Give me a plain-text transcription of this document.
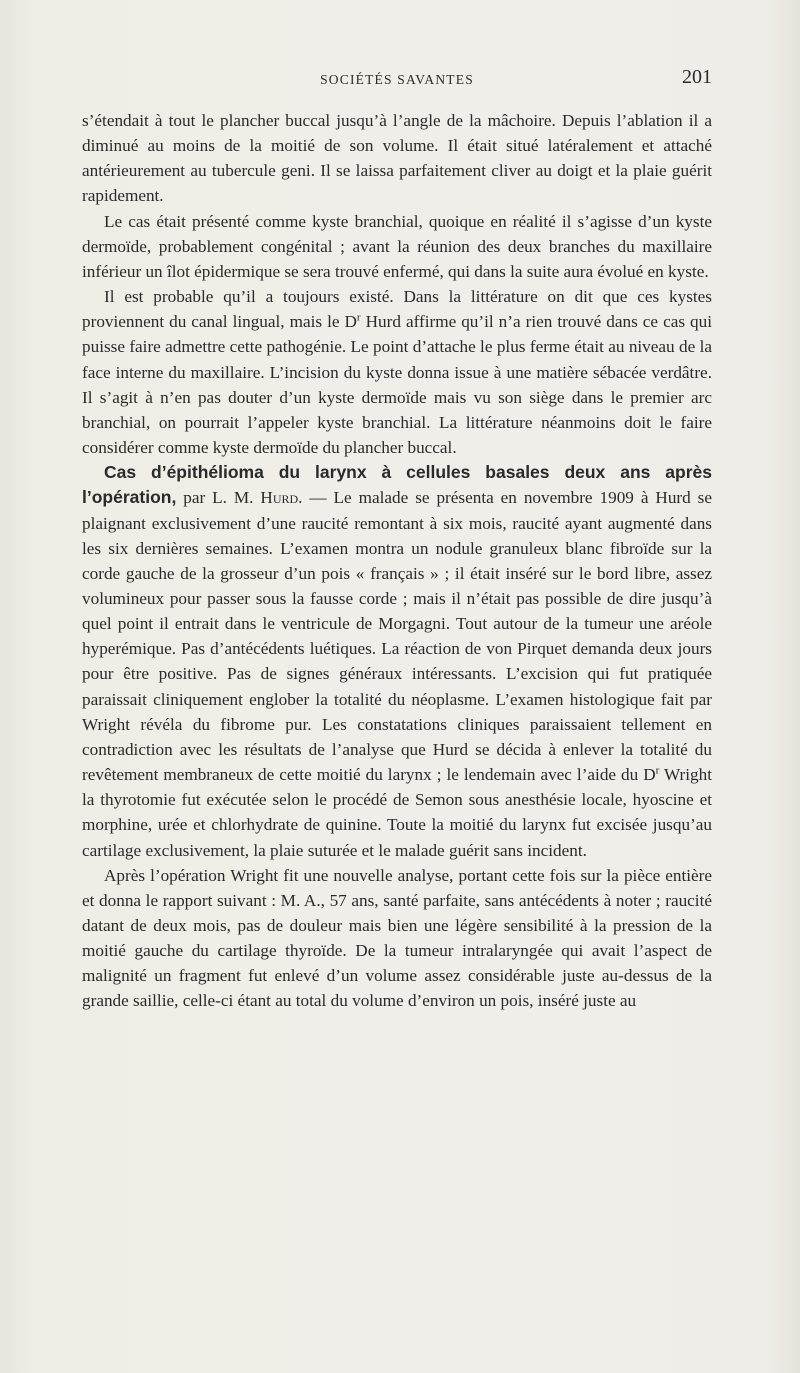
SOCIÉTÉS SAVANTES	201

s’étendait à tout le plancher buccal jusqu’à l’angle de la mâchoire. Depuis l’ablation il a diminué au moins de la moitié de son volume. Il était situé latéralement et attaché antérieurement au tubercule geni. Il se laissa parfaitement cliver au doigt et la plaie guérit rapidement.

Le cas était présenté comme kyste branchial, quoique en réalité il s’agisse d’un kyste dermoïde, probablement congénital ; avant la réunion des deux branches du maxillaire inférieur un îlot épidermique se sera trouvé enfermé, qui dans la suite aura évolué en kyste.

Il est probable qu’il a toujours existé. Dans la littérature on dit que ces kystes proviennent du canal lingual, mais le $D^r$ Hurd affirme qu’il n’a rien trouvé dans ce cas qui puisse faire admettre cette pathogénie. Le point d’attache le plus ferme était au niveau de la face interne du maxillaire. L’incision du kyste donna issue à une matière sébacée verdâtre. Il s’agit à n’en pas douter d’un kyste dermoïde mais vu son siège dans le premier arc branchial, on pourrait l’appeler kyste branchial. La littérature néanmoins doit le faire considérer comme kyste dermoïde du plancher buccal.

Cas d’épithélioma du larynx à cellules basales deux ans après l’opération, par L. M. Hurd. — Le malade se présenta en novembre 1909 à Hurd se plaignant exclusivement d’une raucité remontant à six mois, raucité ayant augmenté dans les six dernières semaines. L’examen montra un nodule granuleux blanc fibroïde sur la corde gauche de la grosseur d’un pois « français » ; il était inséré sur le bord libre, assez volumineux pour passer sous la fausse corde ; mais il n’était pas possible de dire jusqu’à quel point il entrait dans le ventricule de Morgagni. Tout autour de la tumeur une aréole hyperémique. Pas d’antécédents luétiques. La réaction de von Pirquet demanda deux jours pour être positive. Pas de signes généraux intéressants. L’excision qui fut pratiquée paraissait cliniquement englober la totalité du néoplasme. L’examen histologique fait par Wright révéla du fibrome pur. Les constatations cliniques paraissaient tellement en contradiction avec les résultats de l’analyse que Hurd se décida à enlever la totalité du revêtement membraneux de cette moitié du larynx ; le lendemain avec l’aide du $D^r$ Wright la thyrotomie fut exécutée selon le procédé de Semon sous anesthésie locale, hyoscine et morphine, urée et chlorhydrate de quinine. Toute la moitié du larynx fut excisée jusqu’au cartilage exclusivement, la plaie suturée et le malade guérit sans incident.

Après l’opération Wright fit une nouvelle analyse, portant cette fois sur la pièce entière et donna le rapport suivant : M. A., 57 ans, santé parfaite, sans antécédents à noter ; raucité datant de deux mois, pas de douleur mais bien une légère sensibilité à la pression de la moitié gauche du cartilage thyroïde. De la tumeur intralaryngée qui avait l’aspect de malignité un fragment fut enlevé d’un volume assez considérable juste au-dessus de la grande saillie, celle-ci étant au total du volume d’environ un pois, inséré juste au
